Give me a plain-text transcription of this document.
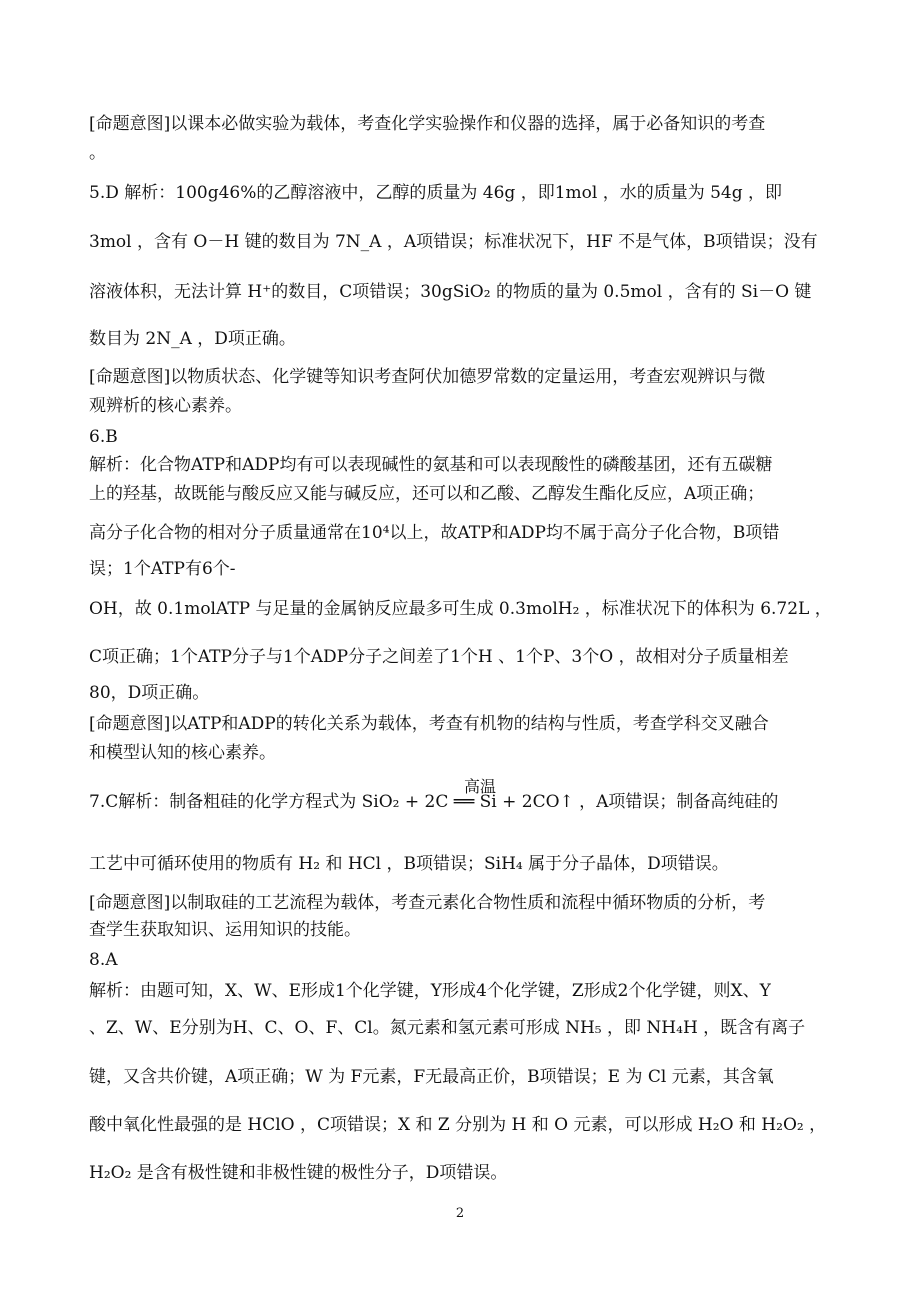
[命题意图]以课本必做实验为载体，考查化学实验操作和仪器的选择，属于必备知识的考查
。
5.D 解析：100g46%的乙醇溶液中，乙醇的质量为 46g ，即1mol ，水的质量为 54g ，即
3mol ，含有 O－H 键的数目为 7N_A ，A项错误；标准状况下，HF 不是气体，B项错误；没有
溶液体积，无法计算 H⁺的数目，C项错误；30gSiO₂ 的物质的量为 0.5mol ，含有的 Si－O 键
数目为 2N_A ，D项正确。
[命题意图]以物质状态、化学键等知识考查阿伏加德罗常数的定量运用，考查宏观辨识与微
观辨析的核心素养。
6.B
解析：化合物ATP和ADP均有可以表现碱性的氨基和可以表现酸性的磷酸基团，还有五碳糖
上的羟基，故既能与酸反应又能与碱反应，还可以和乙酸、乙醇发生酯化反应，A项正确；
高分子化合物的相对分子质量通常在10⁴以上，故ATP和ADP均不属于高分子化合物，B项错
误；1个ATP有6个-
OH，故 0.1molATP 与足量的金属钠反应最多可生成 0.3molH₂ ，标准状况下的体积为 6.72L ，
C项正确；1个ATP分子与1个ADP分子之间差了1个H 、1个P、3个O ，故相对分子质量相差
80，D项正确。
[命题意图]以ATP和ADP的转化关系为载体，考查有机物的结构与性质，考查学科交叉融合
和模型认知的核心素养。
高温
7.C解析：制备粗硅的化学方程式为 SiO₂ + 2C ══ Si + 2CO↑ ，A项错误；制备高纯硅的
工艺中可循环使用的物质有 H₂ 和 HCl ，B项错误；SiH₄ 属于分子晶体，D项错误。
[命题意图]以制取硅的工艺流程为载体，考查元素化合物性质和流程中循环物质的分析，考
查学生获取知识、运用知识的技能。
8.A
解析：由题可知，X、W、E形成1个化学键，Y形成4个化学键，Z形成2个化学键，则X、Y
、Z、W、E分别为H、C、O、F、Cl。氮元素和氢元素可形成 NH₅ ，即 NH₄H ，既含有离子
键，又含共价键，A项正确；W 为 F元素，F无最高正价，B项错误；E 为 Cl 元素，其含氧
酸中氧化性最强的是 HClO ，C项错误；X 和 Z 分别为 H 和 O 元素，可以形成 H₂O 和 H₂O₂ ，
H₂O₂ 是含有极性键和非极性键的极性分子，D项错误。
2
